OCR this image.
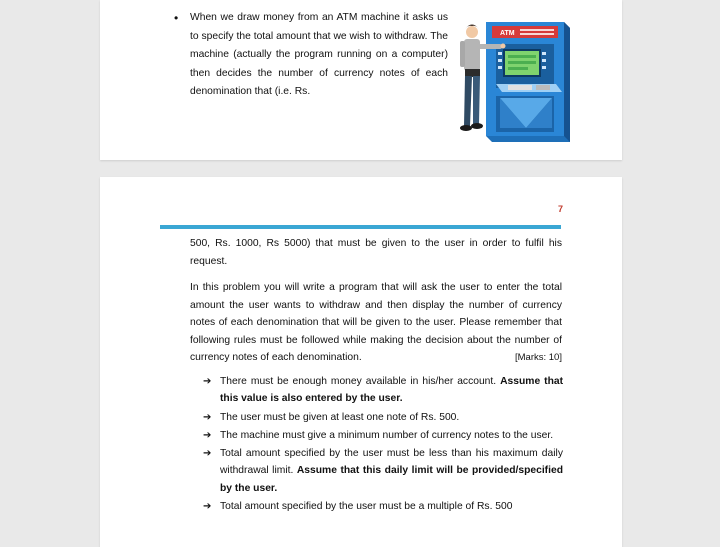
• When we draw money from an ATM machine it asks us to specify the total amount that we wish to withdraw. The machine (actually the program running on a computer) then decides the number of currency notes of each denomination that (i.e. Rs.
ATM
7

500, Rs. 1000, Rs 5000) that must be given to the user in order to fulfil his request.

In this problem you will write a program that will ask the user to enter the total amount the user wants to withdraw and then display the number of currency notes of each denomination that will be given to the user. Please remember that following rules must be followed while making the decision about the number of currency notes of each denomination.	[Marks: 10]

➔ There must be enough money available in his/her account. Assume that this value is also entered by the user.
➔ The user must be given at least one note of Rs. 500.
➔ The machine must give a minimum number of currency notes to the user.
➔ Total amount specified by the user must be less than his maximum daily withdrawal limit. Assume that this daily limit will be provided/specified by the user.
➔ Total amount specified by the user must be a multiple of Rs. 500
